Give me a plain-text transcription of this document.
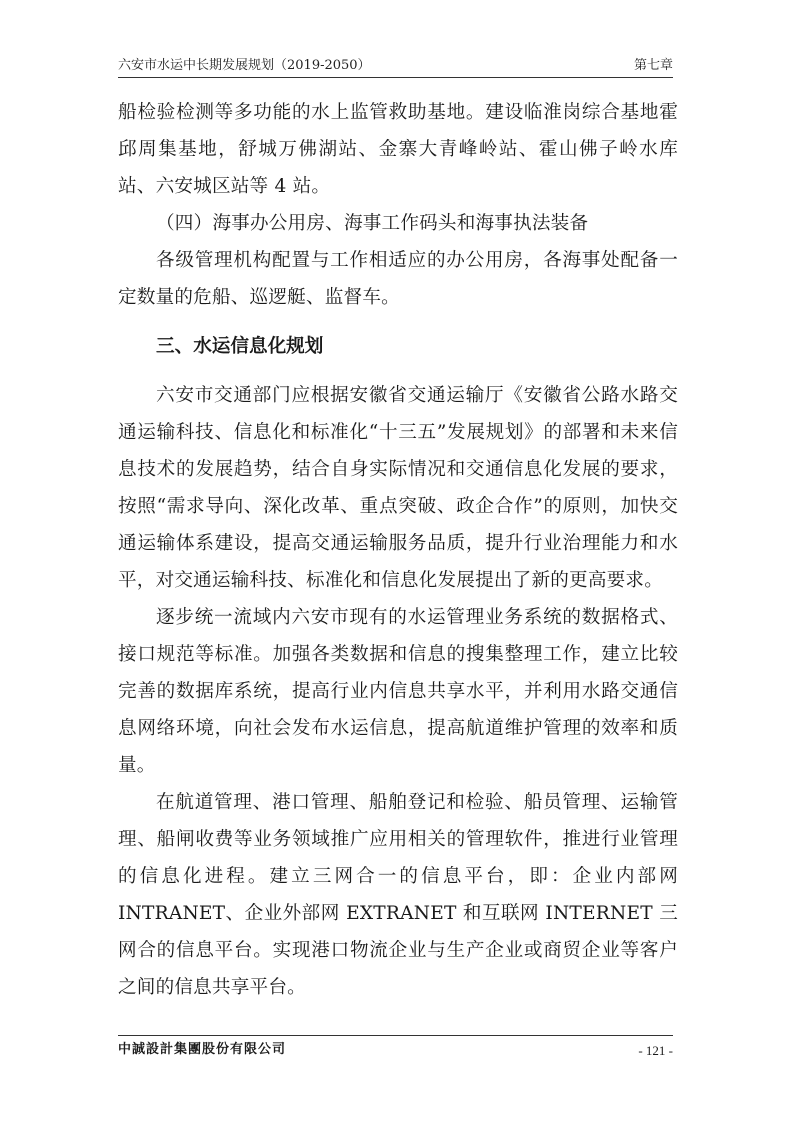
六安市水运中长期发展规划（2019-2050）	第七章

船检验检测等多功能的水上监管救助基地。建设临淮岗综合基地霍邱周集基地，舒城万佛湖站、金寨大青峰岭站、霍山佛子岭水库站、六安城区站等 4 站。

（四）海事办公用房、海事工作码头和海事执法装备

各级管理机构配置与工作相适应的办公用房，各海事处配备一定数量的危船、巡逻艇、监督车。

三、水运信息化规划

六安市交通部门应根据安徽省交通运输厅《安徽省公路水路交通运输科技、信息化和标准化“十三五”发展规划》的部署和未来信息技术的发展趋势，结合自身实际情况和交通信息化发展的要求，按照“需求导向、深化改革、重点突破、政企合作”的原则，加快交通运输体系建设，提高交通运输服务品质，提升行业治理能力和水平，对交通运输科技、标准化和信息化发展提出了新的更高要求。

逐步统一流域内六安市现有的水运管理业务系统的数据格式、接口规范等标准。加强各类数据和信息的搜集整理工作，建立比较完善的数据库系统，提高行业内信息共享水平，并利用水路交通信息网络环境，向社会发布水运信息，提高航道维护管理的效率和质量。

在航道管理、港口管理、船舶登记和检验、船员管理、运输管理、船闸收费等业务领域推广应用相关的管理软件，推进行业管理的信息化进程。建立三网合一的信息平台，即：企业内部网 INTRANET、企业外部网 EXTRANET 和互联网 INTERNET 三网合的信息平台。实现港口物流企业与生产企业或商贸企业等客户之间的信息共享平台。

中誠設計集團股份有限公司	- 121 -
